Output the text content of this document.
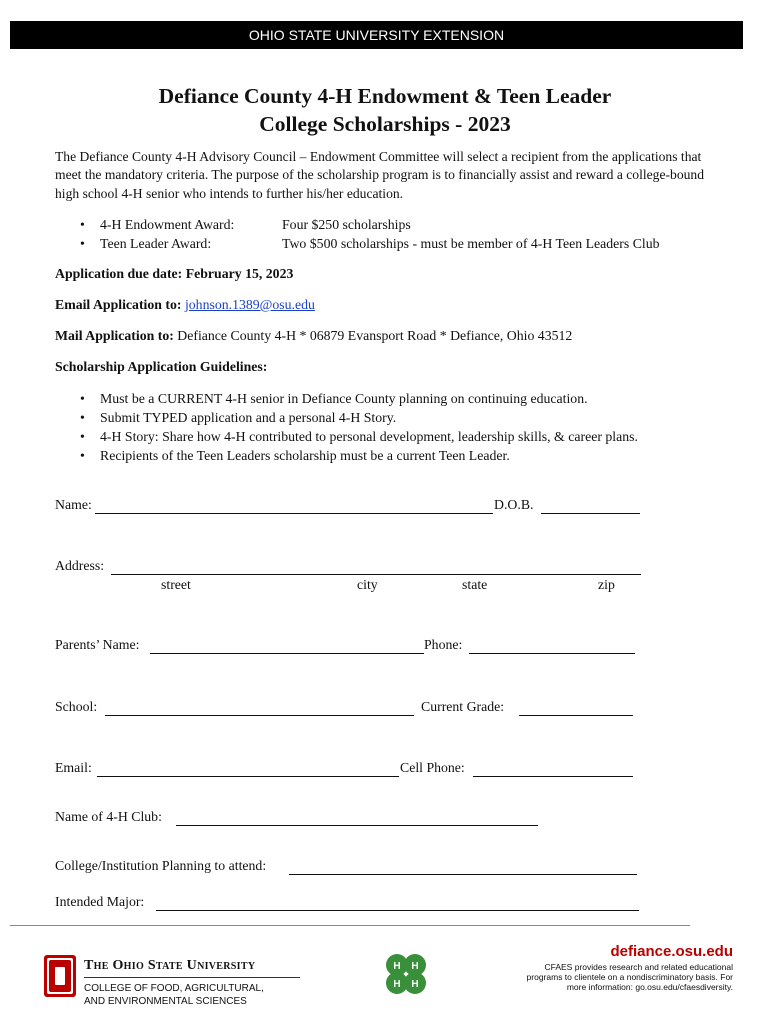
OHIO STATE UNIVERSITY EXTENSION
Defiance County 4-H Endowment & Teen Leader
College Scholarships - 2023
The Defiance County 4-H Advisory Council – Endowment Committee will select a recipient from the applications that meet the mandatory criteria. The purpose of the scholarship program is to financially assist and reward a college-bound high school 4-H senior who intends to further his/her education.
• 4-H Endowment Award:	Four $250 scholarships
• Teen Leader Award:	Two $500 scholarships - must be member of 4-H Teen Leaders Club
Application due date: February 15, 2023
Email Application to: johnson.1389@osu.edu
Mail Application to: Defiance County 4-H * 06879 Evansport Road * Defiance, Ohio 43512
Scholarship Application Guidelines:
• Must be a CURRENT 4-H senior in Defiance County planning on continuing education.
• Submit TYPED application and a personal 4-H Story.
• 4-H Story: Share how 4-H contributed to personal development, leadership skills, & career plans.
• Recipients of the Teen Leaders scholarship must be a current Teen Leader.
Name:	D.O.B.
Address:
street	city	state	zip
Parents’ Name:	Phone:
School:	Current Grade:
Email:	Cell Phone:
Name of 4-H Club:
College/Institution Planning to attend:
Intended Major:
The Ohio State University
COLLEGE OF FOOD, AGRICULTURAL,
AND ENVIRONMENTAL SCIENCES
H H
H H
defiance.osu.edu
CFAES provides research and related educational
programs to clientele on a nondiscriminatory basis. For
more information: go.osu.edu/cfaesdiversity.
